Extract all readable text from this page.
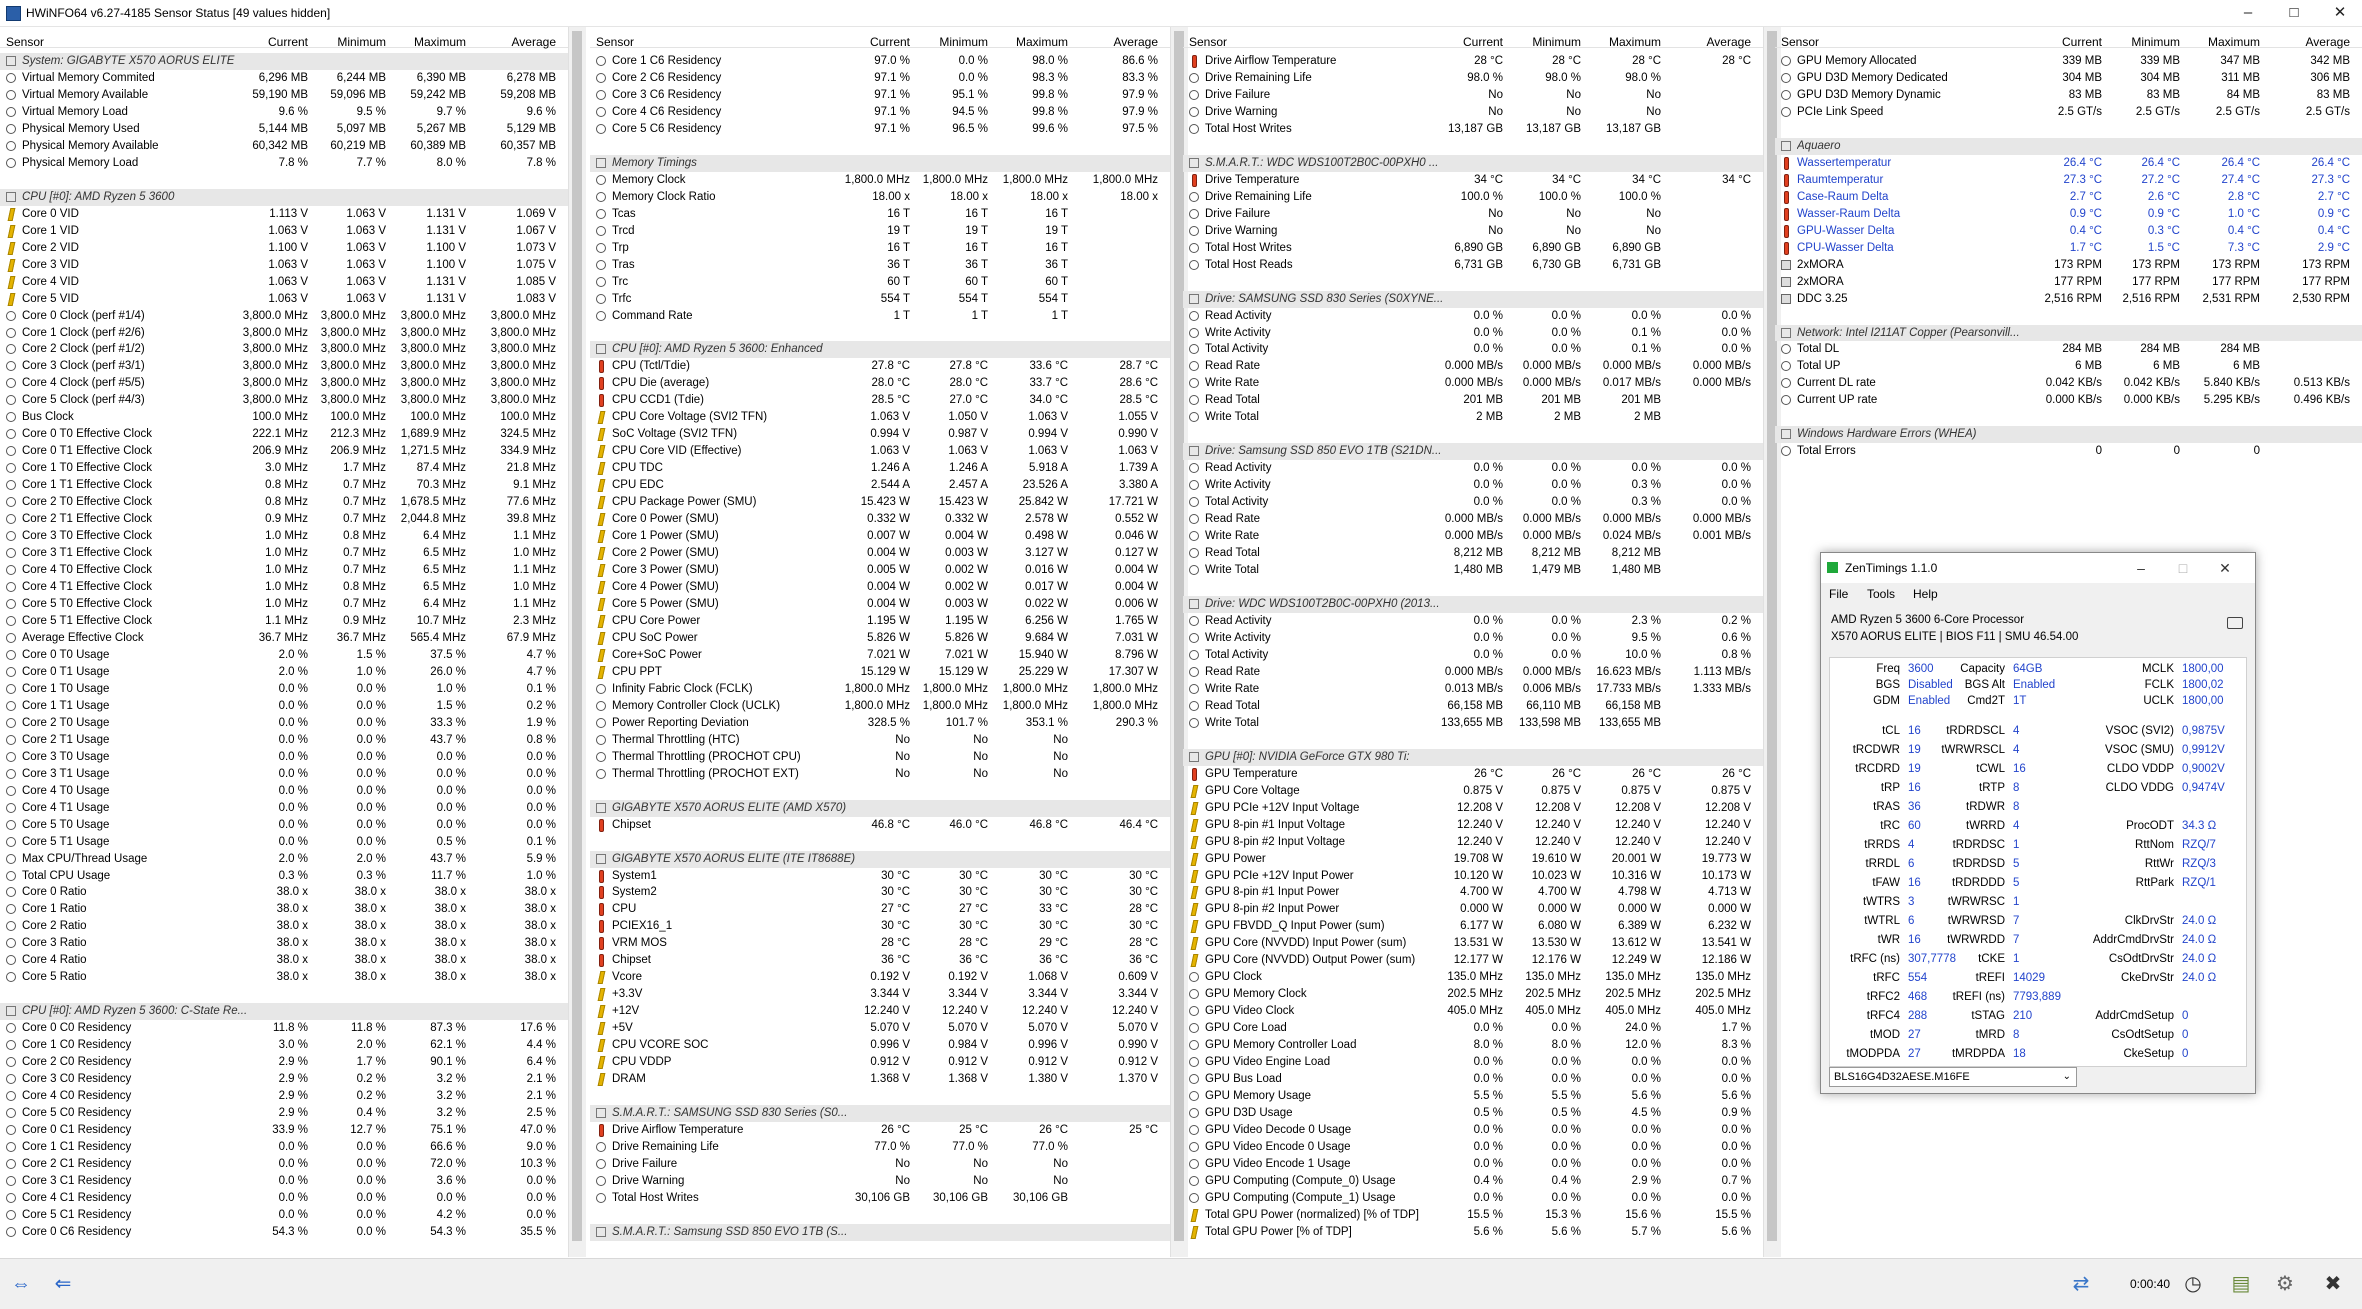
HWiNFO64 v6.27-4185 Sensor Status [49 values hidden]	–	□	✕
Sensor	Current Minimum Maximum	Average
System: GIGABYTE X570 AORUS ELITE
Virtual Memory Commited	6,296 MB	6,244 MB	6,390 MB	6,278 MB
Virtual Memory Available	59,190 MB 59,096 MB 59,242 MB	59,208 MB
Virtual Memory Load	9.6 %	9.5 %	9.7 %	9.6 %
Physical Memory Used	5,144 MB	5,097 MB	5,267 MB	5,129 MB
Physical Memory Available	60,342 MB 60,219 MB 60,389 MB	60,357 MB
Physical Memory Load	7.8 %	7.7 %	8.0 %	7.8 %
CPU [#0]: AMD Ryzen 5 3600
Core 0 VID	1.113 V	1.063 V	1.131 V	1.069 V
Core 1 VID	1.063 V	1.063 V	1.131 V	1.067 V
Core 2 VID	1.100 V	1.063 V	1.100 V	1.073 V
Core 3 VID	1.063 V	1.063 V	1.100 V	1.075 V
Core 4 VID	1.063 V	1.063 V	1.131 V	1.085 V
Core 5 VID	1.063 V	1.063 V	1.131 V	1.083 V
Core 0 Clock (perf #1/4)	3,800.0 MHz 3,800.0 MHz 3,800.0 MHz 3,800.0 MHz
Core 1 Clock (perf #2/6)	3,800.0 MHz 3,800.0 MHz 3,800.0 MHz 3,800.0 MHz
Core 2 Clock (perf #1/2)	3,800.0 MHz 3,800.0 MHz 3,800.0 MHz 3,800.0 MHz
Core 3 Clock (perf #3/1)	3,800.0 MHz 3,800.0 MHz 3,800.0 MHz 3,800.0 MHz
Core 4 Clock (perf #5/5)	3,800.0 MHz 3,800.0 MHz 3,800.0 MHz 3,800.0 MHz
Core 5 Clock (perf #4/3)	3,800.0 MHz 3,800.0 MHz 3,800.0 MHz 3,800.0 MHz
Bus Clock	100.0 MHz 100.0 MHz 100.0 MHz	100.0 MHz
Core 0 T0 Effective Clock	222.1 MHz 212.3 MHz 1,689.9 MHz	324.5 MHz
Core 0 T1 Effective Clock	206.9 MHz 206.9 MHz 1,271.5 MHz	334.9 MHz
Core 1 T0 Effective Clock	3.0 MHz	1.7 MHz	87.4 MHz	21.8 MHz
Core 1 T1 Effective Clock	0.8 MHz	0.7 MHz	70.3 MHz	9.1 MHz
Core 2 T0 Effective Clock	0.8 MHz	0.7 MHz 1,678.5 MHz	77.6 MHz
Core 2 T1 Effective Clock	0.9 MHz	0.7 MHz 2,044.8 MHz	39.8 MHz
Core 3 T0 Effective Clock	1.0 MHz	0.8 MHz	6.4 MHz	1.1 MHz
Core 3 T1 Effective Clock	1.0 MHz	0.7 MHz	6.5 MHz	1.0 MHz
Core 4 T0 Effective Clock	1.0 MHz	0.7 MHz	6.5 MHz	1.1 MHz
Core 4 T1 Effective Clock	1.0 MHz	0.8 MHz	6.5 MHz	1.0 MHz
Core 5 T0 Effective Clock	1.0 MHz	0.7 MHz	6.4 MHz	1.1 MHz
Core 5 T1 Effective Clock	1.1 MHz	0.9 MHz	10.7 MHz	2.3 MHz
Average Effective Clock	36.7 MHz	36.7 MHz 565.4 MHz	67.9 MHz
Core 0 T0 Usage	2.0 %	1.5 %	37.5 %	4.7 %
Core 0 T1 Usage	2.0 %	1.0 %	26.0 %	4.7 %
Core 1 T0 Usage	0.0 %	0.0 %	1.0 %	0.1 %
Core 1 T1 Usage	0.0 %	0.0 %	1.5 %	0.2 %
Core 2 T0 Usage	0.0 %	0.0 %	33.3 %	1.9 %
Core 2 T1 Usage	0.0 %	0.0 %	43.7 %	0.8 %
Core 3 T0 Usage	0.0 %	0.0 %	0.0 %	0.0 %
Core 3 T1 Usage	0.0 %	0.0 %	0.0 %	0.0 %
Core 4 T0 Usage	0.0 %	0.0 %	0.0 %	0.0 %
Core 4 T1 Usage	0.0 %	0.0 %	0.0 %	0.0 %
Core 5 T0 Usage	0.0 %	0.0 %	0.0 %	0.0 %
Core 5 T1 Usage	0.0 %	0.0 %	0.5 %	0.1 %
Max CPU/Thread Usage	2.0 %	2.0 %	43.7 %	5.9 %
Total CPU Usage	0.3 %	0.3 %	11.7 %	1.0 %
Core 0 Ratio	38.0 x	38.0 x	38.0 x	38.0 x
Core 1 Ratio	38.0 x	38.0 x	38.0 x	38.0 x
Core 2 Ratio	38.0 x	38.0 x	38.0 x	38.0 x
Core 3 Ratio	38.0 x	38.0 x	38.0 x	38.0 x
Core 4 Ratio	38.0 x	38.0 x	38.0 x	38.0 x
Core 5 Ratio	38.0 x	38.0 x	38.0 x	38.0 x
CPU [#0]: AMD Ryzen 5 3600: C-State Re...
Core 0 C0 Residency	11.8 %	11.8 %	87.3 %	17.6 %
Core 1 C0 Residency	3.0 %	2.0 %	62.1 %	4.4 %
Core 2 C0 Residency	2.9 %	1.7 %	90.1 %	6.4 %
Core 3 C0 Residency	2.9 %	0.2 %	3.2 %	2.1 %
Core 4 C0 Residency	2.9 %	0.2 %	3.2 %	2.1 %
Core 5 C0 Residency	2.9 %	0.4 %	3.2 %	2.5 %
Core 0 C1 Residency	33.9 %	12.7 %	75.1 %	47.0 %
Core 1 C1 Residency	0.0 %	0.0 %	66.6 %	9.0 %
Core 2 C1 Residency	0.0 %	0.0 %	72.0 %	10.3 %
Core 3 C1 Residency	0.0 %	0.0 %	3.6 %	0.0 %
Core 4 C1 Residency	0.0 %	0.0 %	0.0 %	0.0 %
Core 5 C1 Residency	0.0 %	0.0 %	4.2 %	0.0 %
Core 0 C6 Residency	54.3 %	0.0 %	54.3 %	35.5 %
Sensor	Current Minimum Maximum	Average
Core 1 C6 Residency	97.0 %	0.0 %	98.0 %	86.6 %
Core 2 C6 Residency	97.1 %	0.0 %	98.3 %	83.3 %
Core 3 C6 Residency	97.1 %	95.1 %	99.8 %	97.9 %
Core 4 C6 Residency	97.1 %	94.5 %	99.8 %	97.9 %
Core 5 C6 Residency	97.1 %	96.5 %	99.6 %	97.5 %
Memory Timings
Memory Clock	1,800.0 MHz 1,800.0 MHz 1,800.0 MHz 1,800.0 MHz
Memory Clock Ratio	18.00 x	18.00 x	18.00 x	18.00 x
Tcas	16 T	16 T	16 T
Trcd	19 T	19 T	19 T
Trp	16 T	16 T	16 T
Tras	36 T	36 T	36 T
Trc	60 T	60 T	60 T
Trfc	554 T	554 T	554 T
Command Rate	1 T	1 T	1 T
CPU [#0]: AMD Ryzen 5 3600: Enhanced
CPU (Tctl/Tdie)	27.8 °C	27.8 °C	33.6 °C	28.7 °C
CPU Die (average)	28.0 °C	28.0 °C	33.7 °C	28.6 °C
CPU CCD1 (Tdie)	28.5 °C	27.0 °C	34.0 °C	28.5 °C
CPU Core Voltage (SVI2 TFN)	1.063 V	1.050 V	1.063 V	1.055 V
SoC Voltage (SVI2 TFN)	0.994 V	0.987 V	0.994 V	0.990 V
CPU Core VID (Effective)	1.063 V	1.063 V	1.063 V	1.063 V
CPU TDC	1.246 A	1.246 A	5.918 A	1.739 A
CPU EDC	2.544 A	2.457 A	23.526 A	3.380 A
CPU Package Power (SMU)	15.423 W	15.423 W	25.842 W	17.721 W
Core 0 Power (SMU)	0.332 W	0.332 W	2.578 W	0.552 W
Core 1 Power (SMU)	0.007 W	0.004 W	0.498 W	0.046 W
Core 2 Power (SMU)	0.004 W	0.003 W	3.127 W	0.127 W
Core 3 Power (SMU)	0.005 W	0.002 W	0.016 W	0.004 W
Core 4 Power (SMU)	0.004 W	0.002 W	0.017 W	0.004 W
Core 5 Power (SMU)	0.004 W	0.003 W	0.022 W	0.006 W
CPU Core Power	1.195 W	1.195 W	6.256 W	1.765 W
CPU SoC Power	5.826 W	5.826 W	9.684 W	7.031 W
Core+SoC Power	7.021 W	7.021 W	15.940 W	8.796 W
CPU PPT	15.129 W	15.129 W	25.229 W	17.307 W
Infinity Fabric Clock (FCLK)	1,800.0 MHz 1,800.0 MHz 1,800.0 MHz 1,800.0 MHz
Memory Controller Clock (UCLK)	1,800.0 MHz 1,800.0 MHz 1,800.0 MHz 1,800.0 MHz
Power Reporting Deviation	328.5 %	101.7 %	353.1 %	290.3 %
Thermal Throttling (HTC)	No	No	No
Thermal Throttling (PROCHOT CPU)	No	No	No
Thermal Throttling (PROCHOT EXT)	No	No	No
GIGABYTE X570 AORUS ELITE (AMD X570)
Chipset	46.8 °C	46.0 °C	46.8 °C	46.4 °C
GIGABYTE X570 AORUS ELITE (ITE IT8688E)
System1	30 °C	30 °C	30 °C	30 °C
System2	30 °C	30 °C	30 °C	30 °C
CPU	27 °C	27 °C	33 °C	28 °C
PCIEX16_1	30 °C	30 °C	30 °C	30 °C
VRM MOS	28 °C	28 °C	29 °C	28 °C
Chipset	36 °C	36 °C	36 °C	36 °C
Vcore	0.192 V	0.192 V	1.068 V	0.609 V
+3.3V	3.344 V	3.344 V	3.344 V	3.344 V
+12V	12.240 V	12.240 V	12.240 V	12.240 V
+5V	5.070 V	5.070 V	5.070 V	5.070 V
CPU VCORE SOC	0.996 V	0.984 V	0.996 V	0.990 V
CPU VDDP	0.912 V	0.912 V	0.912 V	0.912 V
DRAM	1.368 V	1.368 V	1.380 V	1.370 V
S.M.A.R.T.: SAMSUNG SSD 830 Series (S0...
Drive Airflow Temperature	26 °C	25 °C	26 °C	25 °C
Drive Remaining Life	77.0 %	77.0 %	77.0 %
Drive Failure	No	No	No
Drive Warning	No	No	No
Total Host Writes	30,106 GB 30,106 GB 30,106 GB
S.M.A.R.T.: Samsung SSD 850 EVO 1TB (S...
Sensor	Current Minimum Maximum	Average
Drive Airflow Temperature	28 °C	28 °C	28 °C	28 °C
Drive Remaining Life	98.0 %	98.0 %	98.0 %
Drive Failure	No	No	No
Drive Warning	No	No	No
Total Host Writes	13,187 GB 13,187 GB 13,187 GB
S.M.A.R.T.: WDC WDS100T2B0C-00PXH0 ...
Drive Temperature	34 °C	34 °C	34 °C	34 °C
Drive Remaining Life	100.0 %	100.0 %	100.0 %
Drive Failure	No	No	No
Drive Warning	No	No	No
Total Host Writes	6,890 GB	6,890 GB	6,890 GB
Total Host Reads	6,731 GB	6,730 GB	6,731 GB
Drive: SAMSUNG SSD 830 Series (S0XYNE...
Read Activity	0.0 %	0.0 %	0.0 %	0.0 %
Write Activity	0.0 %	0.0 %	0.1 %	0.0 %
Total Activity	0.0 %	0.0 %	0.1 %	0.0 %
Read Rate	0.000 MB/s 0.000 MB/s 0.000 MB/s	0.000 MB/s
Write Rate	0.000 MB/s 0.000 MB/s 0.017 MB/s	0.000 MB/s
Read Total	201 MB	201 MB	201 MB
Write Total	2 MB	2 MB	2 MB
Drive: Samsung SSD 850 EVO 1TB (S21DN...
Read Activity	0.0 %	0.0 %	0.0 %	0.0 %
Write Activity	0.0 %	0.0 %	0.3 %	0.0 %
Total Activity	0.0 %	0.0 %	0.3 %	0.0 %
Read Rate	0.000 MB/s 0.000 MB/s 0.000 MB/s	0.000 MB/s
Write Rate	0.000 MB/s 0.000 MB/s 0.024 MB/s	0.001 MB/s
Read Total	8,212 MB	8,212 MB	8,212 MB
Write Total	1,480 MB	1,479 MB	1,480 MB
Drive: WDC WDS100T2B0C-00PXH0 (2013...
Read Activity	0.0 %	0.0 %	2.3 %	0.2 %
Write Activity	0.0 %	0.0 %	9.5 %	0.6 %
Total Activity	0.0 %	0.0 %	10.0 %	0.8 %
Read Rate	0.000 MB/s 0.000 MB/s 16.623 MB/s	1.113 MB/s
Write Rate	0.013 MB/s 0.006 MB/s 17.733 MB/s	1.333 MB/s
Read Total	66,158 MB 66,110 MB 66,158 MB
Write Total	133,655 MB 133,598 MB 133,655 MB
GPU [#0]: NVIDIA GeForce GTX 980 Ti:
GPU Temperature	26 °C	26 °C	26 °C	26 °C
GPU Core Voltage	0.875 V	0.875 V	0.875 V	0.875 V
GPU PCIe +12V Input Voltage	12.208 V	12.208 V	12.208 V	12.208 V
GPU 8-pin #1 Input Voltage	12.240 V	12.240 V	12.240 V	12.240 V
GPU 8-pin #2 Input Voltage	12.240 V	12.240 V	12.240 V	12.240 V
GPU Power	19.708 W	19.610 W	20.001 W	19.773 W
GPU PCIe +12V Input Power	10.120 W	10.023 W	10.316 W	10.173 W
GPU 8-pin #1 Input Power	4.700 W	4.700 W	4.798 W	4.713 W
GPU 8-pin #2 Input Power	0.000 W	0.000 W	0.000 W	0.000 W
GPU FBVDD_Q Input Power (sum)	6.177 W	6.080 W	6.389 W	6.232 W
GPU Core (NVVDD) Input Power (sum)	13.531 W	13.530 W	13.612 W	13.541 W
GPU Core (NVVDD) Output Power (sum)	12.177 W	12.176 W	12.249 W	12.186 W
GPU Clock	135.0 MHz 135.0 MHz 135.0 MHz	135.0 MHz
GPU Memory Clock	202.5 MHz 202.5 MHz 202.5 MHz	202.5 MHz
GPU Video Clock	405.0 MHz 405.0 MHz 405.0 MHz	405.0 MHz
GPU Core Load	0.0 %	0.0 %	24.0 %	1.7 %
GPU Memory Controller Load	8.0 %	8.0 %	12.0 %	8.3 %
GPU Video Engine Load	0.0 %	0.0 %	0.0 %	0.0 %
GPU Bus Load	0.0 %	0.0 %	0.0 %	0.0 %
GPU Memory Usage	5.5 %	5.5 %	5.6 %	5.6 %
GPU D3D Usage	0.5 %	0.5 %	4.5 %	0.9 %
GPU Video Decode 0 Usage	0.0 %	0.0 %	0.0 %	0.0 %
GPU Video Encode 0 Usage	0.0 %	0.0 %	0.0 %	0.0 %
GPU Video Encode 1 Usage	0.0 %	0.0 %	0.0 %	0.0 %
GPU Computing (Compute_0) Usage	0.4 %	0.4 %	2.9 %	0.7 %
GPU Computing (Compute_1) Usage	0.0 %	0.0 %	0.0 %	0.0 %
Total GPU Power (normalized) [% of TDP]	15.5 %	15.3 %	15.6 %	15.5 %
Total GPU Power [% of TDP]	5.6 %	5.6 %	5.7 %	5.6 %
Sensor	Current Minimum Maximum	Average
GPU Memory Allocated	339 MB	339 MB	347 MB	342 MB
GPU D3D Memory Dedicated	304 MB	304 MB	311 MB	306 MB
GPU D3D Memory Dynamic	83 MB	83 MB	84 MB	83 MB
PCIe Link Speed	2.5 GT/s	2.5 GT/s	2.5 GT/s	2.5 GT/s
Aquaero
Wassertemperatur	26.4 °C	26.4 °C	26.4 °C	26.4 °C
Raumtemperatur	27.3 °C	27.2 °C	27.4 °C	27.3 °C
Case-Raum Delta	2.7 °C	2.6 °C	2.8 °C	2.7 °C
Wasser-Raum Delta	0.9 °C	0.9 °C	1.0 °C	0.9 °C
GPU-Wasser Delta	0.4 °C	0.3 °C	0.4 °C	0.4 °C
CPU-Wasser Delta	1.7 °C	1.5 °C	7.3 °C	2.9 °C
2xMORA	173 RPM	173 RPM	173 RPM	173 RPM
2xMORA	177 RPM	177 RPM	177 RPM	177 RPM
DDC 3.25	2,516 RPM 2,516 RPM 2,531 RPM	2,530 RPM
Network: Intel I211AT Copper (Pearsonvill...
Total DL	284 MB	284 MB	284 MB
Total UP	6 MB	6 MB	6 MB
Current DL rate	0.042 KB/s 0.042 KB/s 5.840 KB/s	0.513 KB/s
Current UP rate	0.000 KB/s 0.000 KB/s 5.295 KB/s	0.496 KB/s
Windows Hardware Errors (WHEA)
Total Errors	0	0	0
⇔	⇐	⇄	0:00:40 ◷	▤	⚙	✖
ZenTimings 1.1.0	–	□	✕
File Tools Help
AMD Ryzen 5 3600 6-Core Processor
X570 AORUS ELITE | BIOS F11 | SMU 46.54.00
Freq 3600 Capacity 64GB	MCLK 1800,00
BGS Disabled BGS Alt Enabled	FCLK 1800,02
GDM Enabled Cmd2T 1T	UCLK 1800,00
tCL 16 tRDRDSCL 4	VSOC (SVI2) 0,9875V
tRCDWR 19 tWRWRSCL 4	VSOC (SMU) 0,9912V
tRCDRD 19	tCWL 16	CLDO VDDP 0,9002V
tRP 16	tRTP 8	CLDO VDDG 0,9474V
tRAS 36	tRDWR 8
tRC 60	tWRRD 4	ProcODT 34.3 Ω
tRRDS 4	tRDRDSC 1	RttNom RZQ/7
tRRDL 6	tRDRDSD 5	RttWr RZQ/3
tFAW 16	tRDRDDD 5	RttPark RZQ/1
tWTRS 3	tWRWRSC 1
tWTRL 6	tWRWRSD 7	ClkDrvStr 24.0 Ω
tWR 16 tWRWRDD 7	AddrCmdDrvStr 24.0 Ω
tRFC (ns) 307,7778 tCKE 1	CsOdtDrvStr 24.0 Ω
tRFC 554	tREFI 14029	CkeDrvStr 24.0 Ω
tRFC2 468 tREFI (ns) 7793,889
tRFC4 288	tSTAG 210	AddrCmdSetup 0
tMOD 27	tMRD 8	CsOdtSetup 0
tMODPDA 27	tMRDPDA 18	CkeSetup 0
BLS16G4D32AESE.M16FE	⌄
